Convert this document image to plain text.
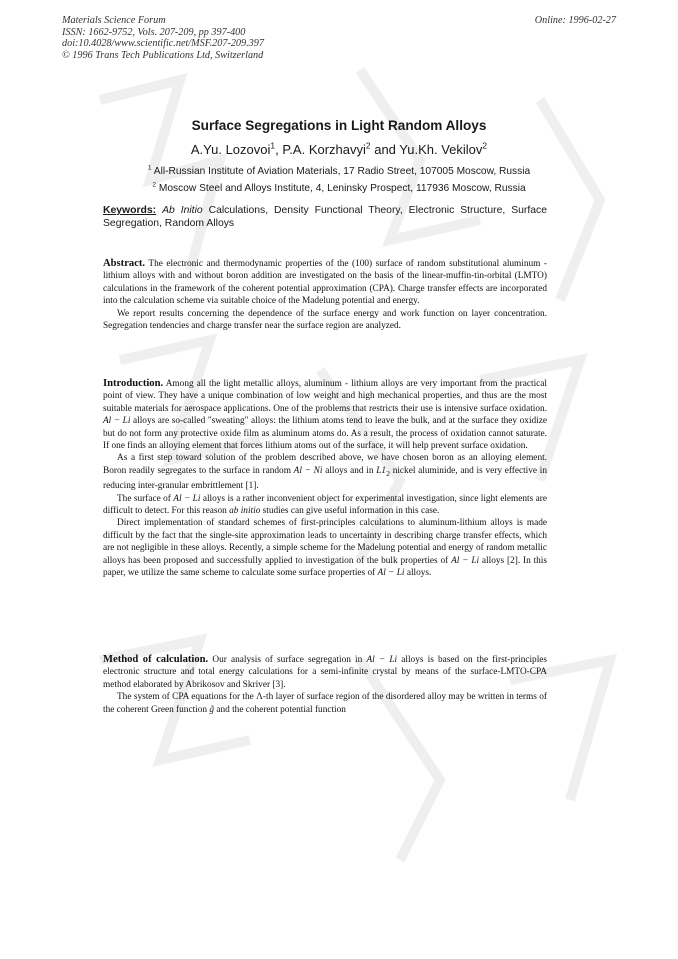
Materials Science Forum
ISSN: 1662-9752, Vols. 207-209, pp 397-400
doi:10.4028/www.scientific.net/MSF.207-209.397
© 1996 Trans Tech Publications Ltd, Switzerland
Online: 1996-02-27
Surface Segregations in Light Random Alloys
A.Yu. Lozovoi$^1$, P.A. Korzhavyi$^2$ and Yu.Kh. Vekilov$^2$
$^1$ All-Russian Institute of Aviation Materials, 17 Radio Street, 107005 Moscow, Russia
$^2$ Moscow Steel and Alloys Institute, 4, Leninsky Prospect, 117936 Moscow, Russia
Keywords: Ab Initio Calculations, Density Functional Theory, Electronic Structure, Surface Segregation, Random Alloys

Abstract. The electronic and thermodynamic properties of the (100) surface of random substitutional aluminum - lithium alloys with and without boron addition are investigated on the basis of the linear-muffin-tin-orbital (LMTO) calculations in the framework of the coherent potential approximation (CPA). Charge transfer effects are incorporated into the calculation scheme via suitable choice of the Madelung potential and energy.

We report results concerning the dependence of the surface energy and work function on layer concentration. Segregation tendencies and charge transfer near the surface region are analyzed.

Introduction. Among all the light metallic alloys, aluminum - lithium alloys are very important from the practical point of view. They have a unique combination of low weight and high mechanical properties, and thus are the most suitable materials for aerospace applications. One of the problems that restricts their use is intensive surface oxidation. Al − Li alloys are so-called "sweating" alloys: the lithium atoms tend to leave the bulk, and at the surface they oxidize but do not form any protective oxide film as aluminum atoms do. As a result, the process of oxidation cannot saturate. If one finds an alloying element that forces lithium atoms out of the surface, it will help prevent surface oxidation.

As a first step toward solution of the problem described above, we have chosen boron as an alloying element. Boron readily segregates to the surface in random Al − Ni alloys and in $L1_2$ nickel aluminide, and is very effective in reducing inter-granular embrittlement [1].

The surface of Al − Li alloys is a rather inconvenient object for experimental investigation, since light elements are difficult to detect. For this reason ab initio studies can give useful information in this case.

Direct implementation of standard schemes of first-principles calculations to aluminum-lithium alloys is made difficult by the fact that the single-site approximation leads to uncertainty in describing charge transfer effects, which are not negligible in these alloys. Recently, a simple scheme for the Madelung potential and energy of random metallic alloys has been proposed and successfully applied to investigation of the bulk properties of Al − Li alloys [2]. In this paper, we utilize the same scheme to calculate some surface properties of Al − Li alloys.

Method of calculation. Our analysis of surface segregation in Al − Li alloys is based on the first-principles electronic structure and total energy calculations for a semi-infinite crystal by means of the surface-LMTO-CPA method elaborated by Abrikosov and Skriver [3].

The system of CPA equations for the Λ-th layer of surface region of the disordered alloy may be written in terms of the coherent Green function g̃ and the coherent potential function
